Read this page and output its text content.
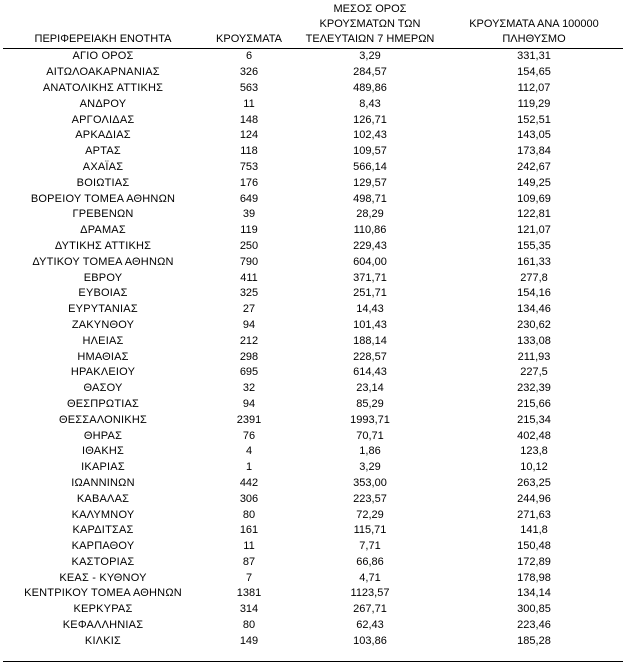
ΠΕΡΙΦΕΡΕΙΑΚΗ ΕΝΟΤΗΤΑ	ΚΡΟΥΣΜΑΤΑ	ΜΕΣΟΣ ΟΡΟΣ ΚΡΟΥΣΜΑΤΩΝ ΤΩΝ ΤΕΛΕΥΤΑΙΩΝ 7 ΗΜΕΡΩΝ	ΚΡΟΥΣΜΑΤΑ ΑΝΑ 100000 ΠΛΗΘΥΣΜΟ
ΑΓΙΟ ΟΡΟΣ	6	3,29	331,31
ΑΙΤΩΛΟΑΚΑΡΝΑΝΙΑΣ	326	284,57	154,65
ΑΝΑΤΟΛΙΚΗΣ ΑΤΤΙΚΗΣ	563	489,86	112,07
ΑΝΔΡΟΥ	11	8,43	119,29
ΑΡΓΟΛΙΔΑΣ	148	126,71	152,51
ΑΡΚΑΔΙΑΣ	124	102,43	143,05
ΑΡΤΑΣ	118	109,57	173,84
ΑΧΑΪΑΣ	753	566,14	242,67
ΒΟΙΩΤΙΑΣ	176	129,57	149,25
ΒΟΡΕΙΟΥ ΤΟΜΕΑ ΑΘΗΝΩΝ	649	498,71	109,69
ΓΡΕΒΕΝΩΝ	39	28,29	122,81
ΔΡΑΜΑΣ	119	110,86	121,07
ΔΥΤΙΚΗΣ ΑΤΤΙΚΗΣ	250	229,43	155,35
ΔΥΤΙΚΟΥ ΤΟΜΕΑ ΑΘΗΝΩΝ	790	604,00	161,33
ΕΒΡΟΥ	411	371,71	277,8
ΕΥΒΟΙΑΣ	325	251,71	154,16
ΕΥΡΥΤΑΝΙΑΣ	27	14,43	134,46
ΖΑΚΥΝΘΟΥ	94	101,43	230,62
ΗΛΕΙΑΣ	212	188,14	133,08
ΗΜΑΘΙΑΣ	298	228,57	211,93
ΗΡΑΚΛΕΙΟΥ	695	614,43	227,5
ΘΑΣΟΥ	32	23,14	232,39
ΘΕΣΠΡΩΤΙΑΣ	94	85,29	215,66
ΘΕΣΣΑΛΟΝΙΚΗΣ	2391	1993,71	215,34
ΘΗΡΑΣ	76	70,71	402,48
ΙΘΑΚΗΣ	4	1,86	123,8
ΙΚΑΡΙΑΣ	1	3,29	10,12
ΙΩΑΝΝΙΝΩΝ	442	353,00	263,25
ΚΑΒΑΛΑΣ	306	223,57	244,96
ΚΑΛΥΜΝΟΥ	80	72,29	271,63
ΚΑΡΔΙΤΣΑΣ	161	115,71	141,8
ΚΑΡΠΑΘΟΥ	11	7,71	150,48
ΚΑΣΤΟΡΙΑΣ	87	66,86	172,89
ΚΕΑΣ - ΚΥΘΝΟΥ	7	4,71	178,98
ΚΕΝΤΡΙΚΟΥ ΤΟΜΕΑ ΑΘΗΝΩΝ	1381	1123,57	134,14
ΚΕΡΚΥΡΑΣ	314	267,71	300,85
ΚΕΦΑΛΛΗΝΙΑΣ	80	62,43	223,46
ΚΙΛΚΙΣ	149	103,86	185,28
